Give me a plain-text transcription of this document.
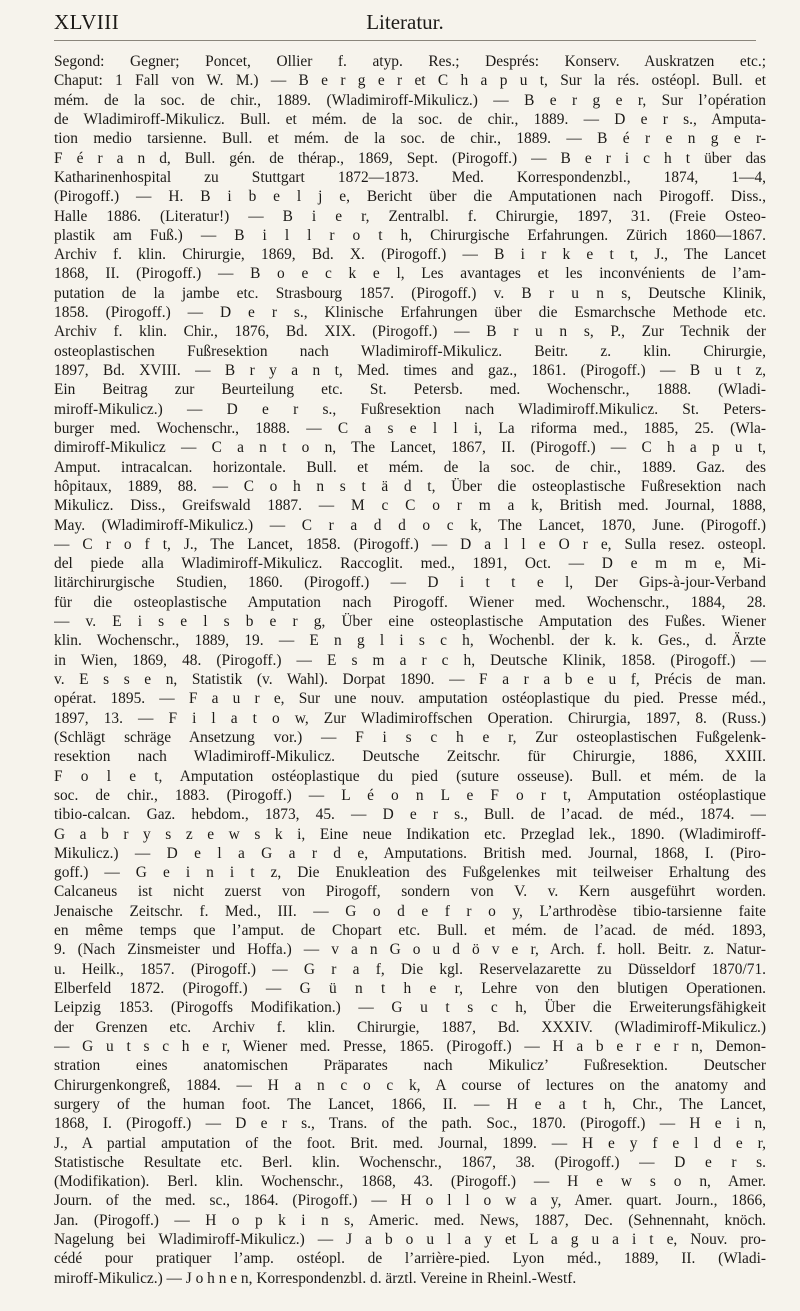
XLVIII	Literatur.
Segond: Gegner; Poncet, Ollier f. atyp. Res.; Després: Konserv. Auskratzen etc.;
Chaput: 1 Fall von W. M.) — B e r g e r et C h a p u t, Sur la rés. ostéopl. Bull. et
mém. de la soc. de chir., 1889. (Wladimiroff-Mikulicz.) — B e r g e r, Sur l’opération
de Wladimiroff-Mikulicz. Bull. et mém. de la soc. de chir., 1889. — D e r s., Amputa-
tion medio tarsienne. Bull. et mém. de la soc. de chir., 1889. — B é r e n g e r-
F é r a n d, Bull. gén. de thérap., 1869, Sept. (Pirogoff.) — B e r i c h t über das
Katharinenhospital zu Stuttgart 1872—1873. Med. Korrespondenzbl., 1874, 1—4,
(Pirogoff.) — H. B i b e l j e, Bericht über die Amputationen nach Pirogoff. Diss.,
Halle 1886. (Literatur!) — B i e r, Zentralbl. f. Chirurgie, 1897, 31. (Freie Osteo-
plastik am Fuß.) — B i l l r o t h, Chirurgische Erfahrungen. Zürich 1860—1867.
Archiv f. klin. Chirurgie, 1869, Bd. X. (Pirogoff.) — B i r k e t t, J., The Lancet
1868, II. (Pirogoff.) — B o e c k e l, Les avantages et les inconvénients de l’am-
putation de la jambe etc. Strasbourg 1857. (Pirogoff.) v. B r u n s, Deutsche Klinik,
1858. (Pirogoff.) — D e r s., Klinische Erfahrungen über die Esmarchsche Methode etc.
Archiv f. klin. Chir., 1876, Bd. XIX. (Pirogoff.) — B r u n s, P., Zur Technik der
osteoplastischen Fußresektion nach Wladimiroff-Mikulicz. Beitr. z. klin. Chirurgie,
1897, Bd. XVIII. — B r y a n t, Med. times and gaz., 1861. (Pirogoff.) — B u t z,
Ein Beitrag zur Beurteilung etc. St. Petersb. med. Wochenschr., 1888. (Wladi-
miroff-Mikulicz.) — D e r s., Fußresektion nach Wladimiroff.Mikulicz. St. Peters-
burger med. Wochenschr., 1888. — C a s e l l i, La riforma med., 1885, 25. (Wla-
dimiroff-Mikulicz — C a n t o n, The Lancet, 1867, II. (Pirogoff.) — C h a p u t,
Amput. intracalcan. horizontale. Bull. et mém. de la soc. de chir., 1889. Gaz. des
hôpitaux, 1889, 88. — C o h n s t ä d t, Über die osteoplastische Fußresektion nach
Mikulicz. Diss., Greifswald 1887. — M c C o r m a k, British med. Journal, 1888,
May. (Wladimiroff-Mikulicz.) — C r a d d o c k, The Lancet, 1870, June. (Pirogoff.)
— C r o f t, J., The Lancet, 1858. (Pirogoff.) — D a l l e O r e, Sulla resez. osteopl.
del piede alla Wladimiroff-Mikulicz. Raccoglit. med., 1891, Oct. — D e m m e, Mi-
litärchirurgische Studien, 1860. (Pirogoff.) — D i t t e l, Der Gips-à-jour-Verband
für die osteoplastische Amputation nach Pirogoff. Wiener med. Wochenschr., 1884, 28.
— v. E i s e l s b e r g, Über eine osteoplastische Amputation des Fußes. Wiener
klin. Wochenschr., 1889, 19. — E n g l i s c h, Wochenbl. der k. k. Ges., d. Ärzte
in Wien, 1869, 48. (Pirogoff.) — E s m a r c h, Deutsche Klinik, 1858. (Pirogoff.) —
v. E s s e n, Statistik (v. Wahl). Dorpat 1890. — F a r a b e u f, Précis de man.
opérat. 1895. — F a u r e, Sur une nouv. amputation ostéoplastique du pied. Presse méd.,
1897, 13. — F i l a t o w, Zur Wladimiroffschen Operation. Chirurgia, 1897, 8. (Russ.)
(Schlägt schräge Ansetzung vor.) — F i s c h e r, Zur osteoplastischen Fußgelenk-
resektion nach Wladimiroff-Mikulicz. Deutsche Zeitschr. für Chirurgie, 1886, XXIII.
F o l e t, Amputation ostéoplastique du pied (suture osseuse). Bull. et mém. de la
soc. de chir., 1883. (Pirogoff.) — L é o n L e F o r t, Amputation ostéoplastique
tibio-calcan. Gaz. hebdom., 1873, 45. — D e r s., Bull. de l’acad. de méd., 1874. —
G a b r y s z e w s k i, Eine neue Indikation etc. Przeglad lek., 1890. (Wladimiroff-
Mikulicz.) — D e l a G a r d e, Amputations. British med. Journal, 1868, I. (Piro-
goff.) — G e i n i t z, Die Enukleation des Fußgelenkes mit teilweiser Erhaltung des
Calcaneus ist nicht zuerst von Pirogoff, sondern von V. v. Kern ausgeführt worden.
Jenaische Zeitschr. f. Med., III. — G o d e f r o y, L’arthrodèse tibio-tarsienne faite
en même temps que l’amput. de Chopart etc. Bull. et mém. de l’acad. de méd. 1893,
9. (Nach Zinsmeister und Hoffa.) — v a n G o u d ö v e r, Arch. f. holl. Beitr. z. Natur-
u. Heilk., 1857. (Pirogoff.) — G r a f, Die kgl. Reservelazarette zu Düsseldorf 1870/71.
Elberfeld 1872. (Pirogoff.) — G ü n t h e r, Lehre von den blutigen Operationen.
Leipzig 1853. (Pirogoffs Modifikation.) — G u t s c h, Über die Erweiterungsfähigkeit
der Grenzen etc. Archiv f. klin. Chirurgie, 1887, Bd. XXXIV. (Wladimiroff-Mikulicz.)
— G u t s c h e r, Wiener med. Presse, 1865. (Pirogoff.) — H a b e r e r n, Demon-
stration eines anatomischen Präparates nach Mikulicz’ Fußresektion. Deutscher
Chirurgenkongreß, 1884. — H a n c o c k, A course of lectures on the anatomy and
surgery of the human foot. The Lancet, 1866, II. — H e a t h, Chr., The Lancet,
1868, I. (Pirogoff.) — D e r s., Trans. of the path. Soc., 1870. (Pirogoff.) — H e i n,
J., A partial amputation of the foot. Brit. med. Journal, 1899. — H e y f e l d e r,
Statistische Resultate etc. Berl. klin. Wochenschr., 1867, 38. (Pirogoff.) — D e r s.
(Modifikation). Berl. klin. Wochenschr., 1868, 43. (Pirogoff.) — H e w s o n, Amer.
Journ. of the med. sc., 1864. (Pirogoff.) — H o l l o w a y, Amer. quart. Journ., 1866,
Jan. (Pirogoff.) — H o p k i n s, Americ. med. News, 1887, Dec. (Sehnennaht, knöch.
Nagelung bei Wladimiroff-Mikulicz.) — J a b o u l a y et L a g u a i t e, Nouv. pro-
cédé pour pratiquer l’amp. ostéopl. de l’arrière-pied. Lyon méd., 1889, II. (Wladi-
miroff-Mikulicz.) — J o h n e n, Korrespondenzbl. d. ärztl. Vereine in Rheinl.-Westf.
